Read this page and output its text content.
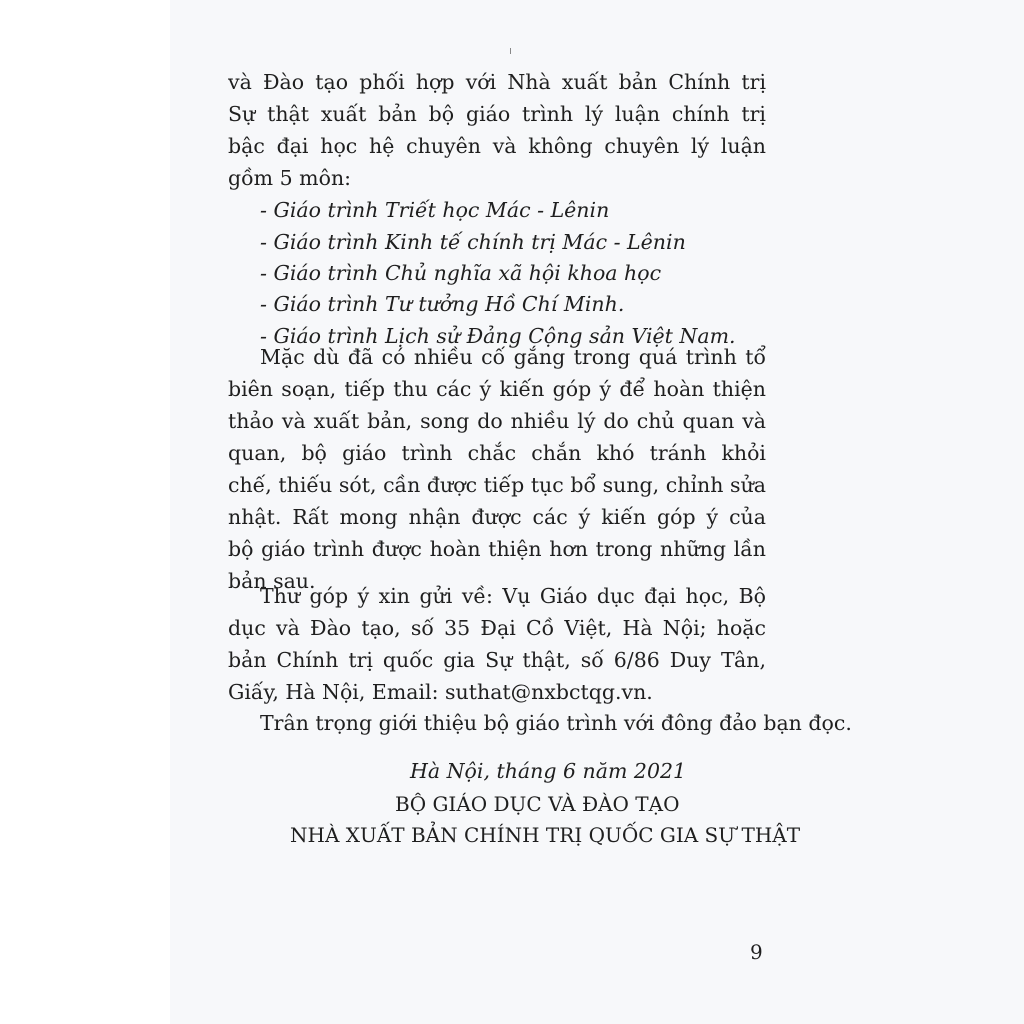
và Đào tạo phối hợp với Nhà xuất bản Chính trị
Sự thật xuất bản bộ giáo trình lý luận chính trị
bậc đại học hệ chuyên và không chuyên lý luận
gồm 5 môn:
- Giáo trình Triết học Mác - Lênin
- Giáo trình Kinh tế chính trị Mác - Lênin
- Giáo trình Chủ nghĩa xã hội khoa học
- Giáo trình Tư tưởng Hồ Chí Minh.
- Giáo trình Lịch sử Đảng Cộng sản Việt Nam.
Mặc dù đã có nhiều cố gắng trong quá trình tổ
biên soạn, tiếp thu các ý kiến góp ý để hoàn thiện
thảo và xuất bản, song do nhiều lý do chủ quan và
quan, bộ giáo trình chắc chắn khó tránh khỏi
chế, thiếu sót, cần được tiếp tục bổ sung, chỉnh sửa
nhật. Rất mong nhận được các ý kiến góp ý của
bộ giáo trình được hoàn thiện hơn trong những lần
bản sau.
Thư góp ý xin gửi về: Vụ Giáo dục đại học, Bộ
dục và Đào tạo, số 35 Đại Cồ Việt, Hà Nội; hoặc
bản Chính trị quốc gia Sự thật, số 6/86 Duy Tân,
Giấy, Hà Nội, Email: suthat@nxbctqg.vn.
Trân trọng giới thiệu bộ giáo trình với đông đảo bạn đọc.
Hà Nội, tháng 6 năm 2021
BỘ GIÁO DỤC VÀ ĐÀO TẠO
NHÀ XUẤT BẢN CHÍNH TRỊ QUỐC GIA SỰ THẬT
9
